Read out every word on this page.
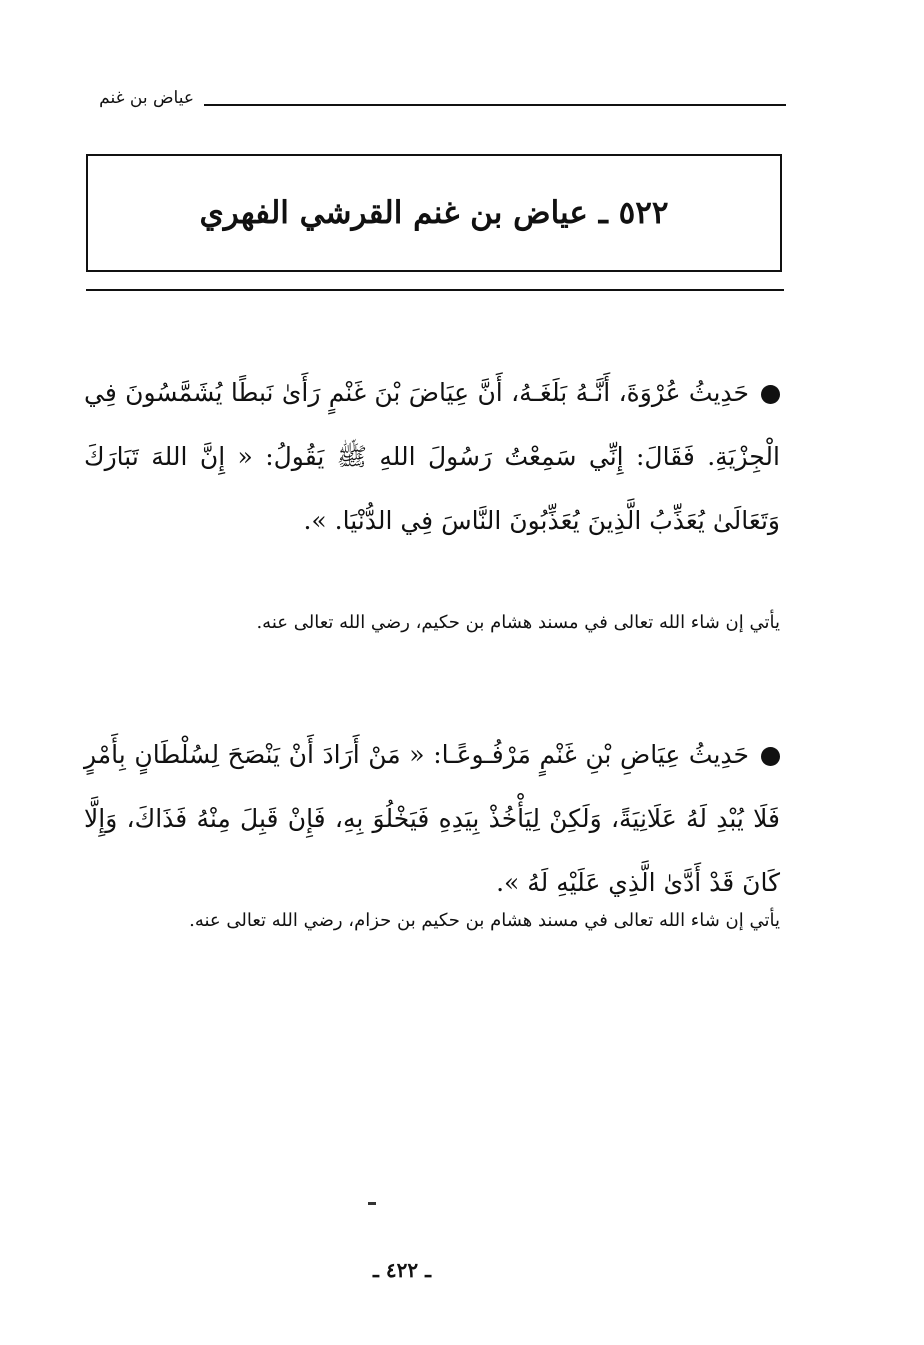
عياض بن غنم
٥٢٢ ـ عياض بن غنم القرشي الفهري

حَدِيثُ عُرْوَةَ، أَنَّـهُ بَلَغَـهُ، أَنَّ عِيَاضَ بْنَ غَنْمٍ رَأَىٰ نَبطًا يُشَمَّسُونَ فِي الْجِزْيَةِ. فَقَالَ: إِنِّي سَمِعْتُ رَسُولَ اللهِ ﷺ يَقُولُ: « إِنَّ اللهَ تَبَارَكَ وَتَعَالَىٰ يُعَذِّبُ الَّذِينَ يُعَذِّبُونَ النَّاسَ فِي الدُّنْيَا. ».

يأتي إن شاء الله تعالى في مسند هشام بن حكيم، رضي الله تعالى عنه.

حَدِيثُ عِيَاضِ بْنِ غَنْمٍ مَرْفُـوعًـا: « مَنْ أَرَادَ أَنْ يَنْصَحَ لِسُلْطَانٍ بِأَمْرٍ فَلَا يُبْدِ لَهُ عَلَانِيَةً، وَلَكِنْ لِيَأْخُذْ بِيَدِهِ فَيَخْلُوَ بِهِ، فَإِنْ قَبِلَ مِنْهُ فَذَاكَ، وَإِلَّا كَانَ قَدْ أَدَّىٰ الَّذِي عَلَيْهِ لَهُ ».

يأتي إن شاء الله تعالى في مسند هشام بن حكيم بن حزام، رضي الله تعالى عنه.

ـ ٤٢٢ ـ
